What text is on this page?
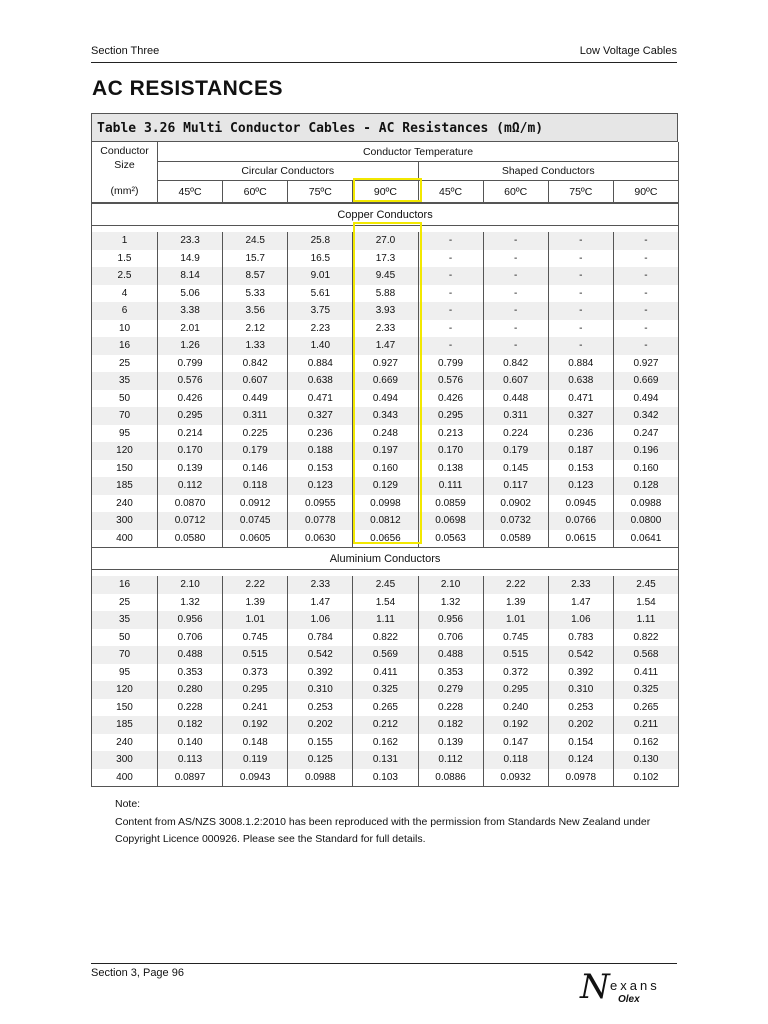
Section Three	Low Voltage Cables
AC RESISTANCES
Table 3.26 Multi Conductor Cables - AC Resistances (mΩ/m)
Conductor Size	Conductor Temperature							
	Circular Conductors				Shaped Conductors			
(mm²)	45ºC	60ºC	75ºC	90ºC	45ºC	60ºC	75ºC	90ºC
Copper Conductors								

1	23.3	24.5	25.8	27.0	-	-	-	-
1.5	14.9	15.7	16.5	17.3	-	-	-	-
2.5	8.14	8.57	9.01	9.45	-	-	-	-
4	5.06	5.33	5.61	5.88	-	-	-	-
6	3.38	3.56	3.75	3.93	-	-	-	-
10	2.01	2.12	2.23	2.33	-	-	-	-
16	1.26	1.33	1.40	1.47	-	-	-	-
25	0.799	0.842	0.884	0.927	0.799	0.842	0.884	0.927
35	0.576	0.607	0.638	0.669	0.576	0.607	0.638	0.669
50	0.426	0.449	0.471	0.494	0.426	0.448	0.471	0.494
70	0.295	0.311	0.327	0.343	0.295	0.311	0.327	0.342
95	0.214	0.225	0.236	0.248	0.213	0.224	0.236	0.247
120	0.170	0.179	0.188	0.197	0.170	0.179	0.187	0.196
150	0.139	0.146	0.153	0.160	0.138	0.145	0.153	0.160
185	0.112	0.118	0.123	0.129	0.111	0.117	0.123	0.128
240	0.0870	0.0912	0.0955	0.0998	0.0859	0.0902	0.0945	0.0988
300	0.0712	0.0745	0.0778	0.0812	0.0698	0.0732	0.0766	0.0800
400	0.0580	0.0605	0.0630	0.0656	0.0563	0.0589	0.0615	0.0641
Aluminium Conductors								

16	2.10	2.22	2.33	2.45	2.10	2.22	2.33	2.45
25	1.32	1.39	1.47	1.54	1.32	1.39	1.47	1.54
35	0.956	1.01	1.06	1.11	0.956	1.01	1.06	1.11
50	0.706	0.745	0.784	0.822	0.706	0.745	0.783	0.822
70	0.488	0.515	0.542	0.569	0.488	0.515	0.542	0.568
95	0.353	0.373	0.392	0.411	0.353	0.372	0.392	0.411
120	0.280	0.295	0.310	0.325	0.279	0.295	0.310	0.325
150	0.228	0.241	0.253	0.265	0.228	0.240	0.253	0.265
185	0.182	0.192	0.202	0.212	0.182	0.192	0.202	0.211
240	0.140	0.148	0.155	0.162	0.139	0.147	0.154	0.162
300	0.113	0.119	0.125	0.131	0.112	0.118	0.124	0.130
400	0.0897	0.0943	0.0988	0.103	0.0886	0.0932	0.0978	0.102
Note:
Content from AS/NZS 3008.1.2:2010 has been reproduced with the permission from Standards New Zealand under Copyright Licence 000926. Please see the Standard for full details.
Section 3, Page 96	N exans
Olex
